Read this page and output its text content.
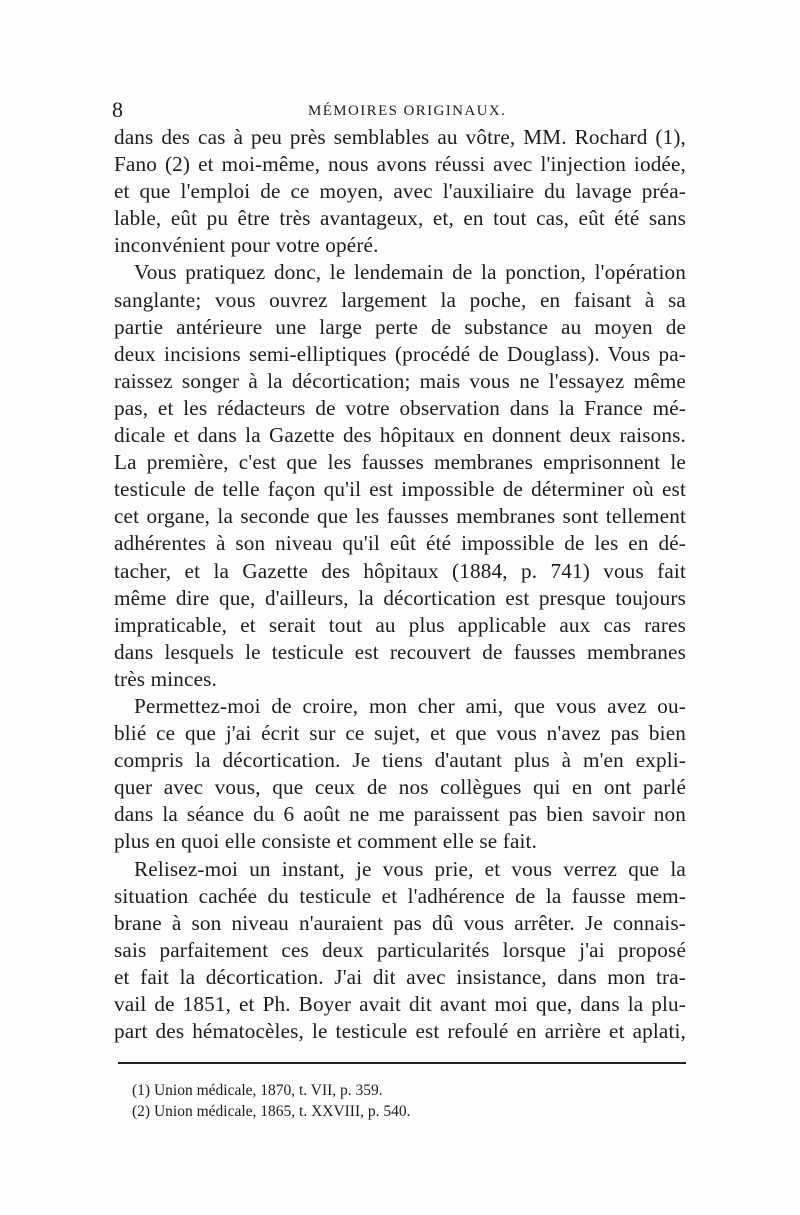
8	MÉMOIRES ORIGINAUX.
dans des cas à peu près semblables au vôtre, MM. Rochard (1),
Fano (2) et moi-même, nous avons réussi avec l'injection iodée,
et que l'emploi de ce moyen, avec l'auxiliaire du lavage préa-
lable, eût pu être très avantageux, et, en tout cas, eût été sans
inconvénient pour votre opéré.
Vous pratiquez donc, le lendemain de la ponction, l'opération
sanglante; vous ouvrez largement la poche, en faisant à sa
partie antérieure une large perte de substance au moyen de
deux incisions semi-elliptiques (procédé de Douglass). Vous pa-
raissez songer à la décortication; mais vous ne l'essayez même
pas, et les rédacteurs de votre observation dans la France mé-
dicale et dans la Gazette des hôpitaux en donnent deux raisons.
La première, c'est que les fausses membranes emprisonnent le
testicule de telle façon qu'il est impossible de déterminer où est
cet organe, la seconde que les fausses membranes sont tellement
adhérentes à son niveau qu'il eût été impossible de les en dé-
tacher, et la Gazette des hôpitaux (1884, p. 741) vous fait
même dire que, d'ailleurs, la décortication est presque toujours
impraticable, et serait tout au plus applicable aux cas rares
dans lesquels le testicule est recouvert de fausses membranes
très minces.
Permettez-moi de croire, mon cher ami, que vous avez ou-
blié ce que j'ai écrit sur ce sujet, et que vous n'avez pas bien
compris la décortication. Je tiens d'autant plus à m'en expli-
quer avec vous, que ceux de nos collègues qui en ont parlé
dans la séance du 6 août ne me paraissent pas bien savoir non
plus en quoi elle consiste et comment elle se fait.
Relisez-moi un instant, je vous prie, et vous verrez que la
situation cachée du testicule et l'adhérence de la fausse mem-
brane à son niveau n'auraient pas dû vous arrêter. Je connais-
sais parfaitement ces deux particularités lorsque j'ai proposé
et fait la décortication. J'ai dit avec insistance, dans mon tra-
vail de 1851, et Ph. Boyer avait dit avant moi que, dans la plu-
part des hématocèles, le testicule est refoulé en arrière et aplati,
(1) Union médicale, 1870, t. VII, p. 359.
(2) Union médicale, 1865, t. XXVIII, p. 540.
